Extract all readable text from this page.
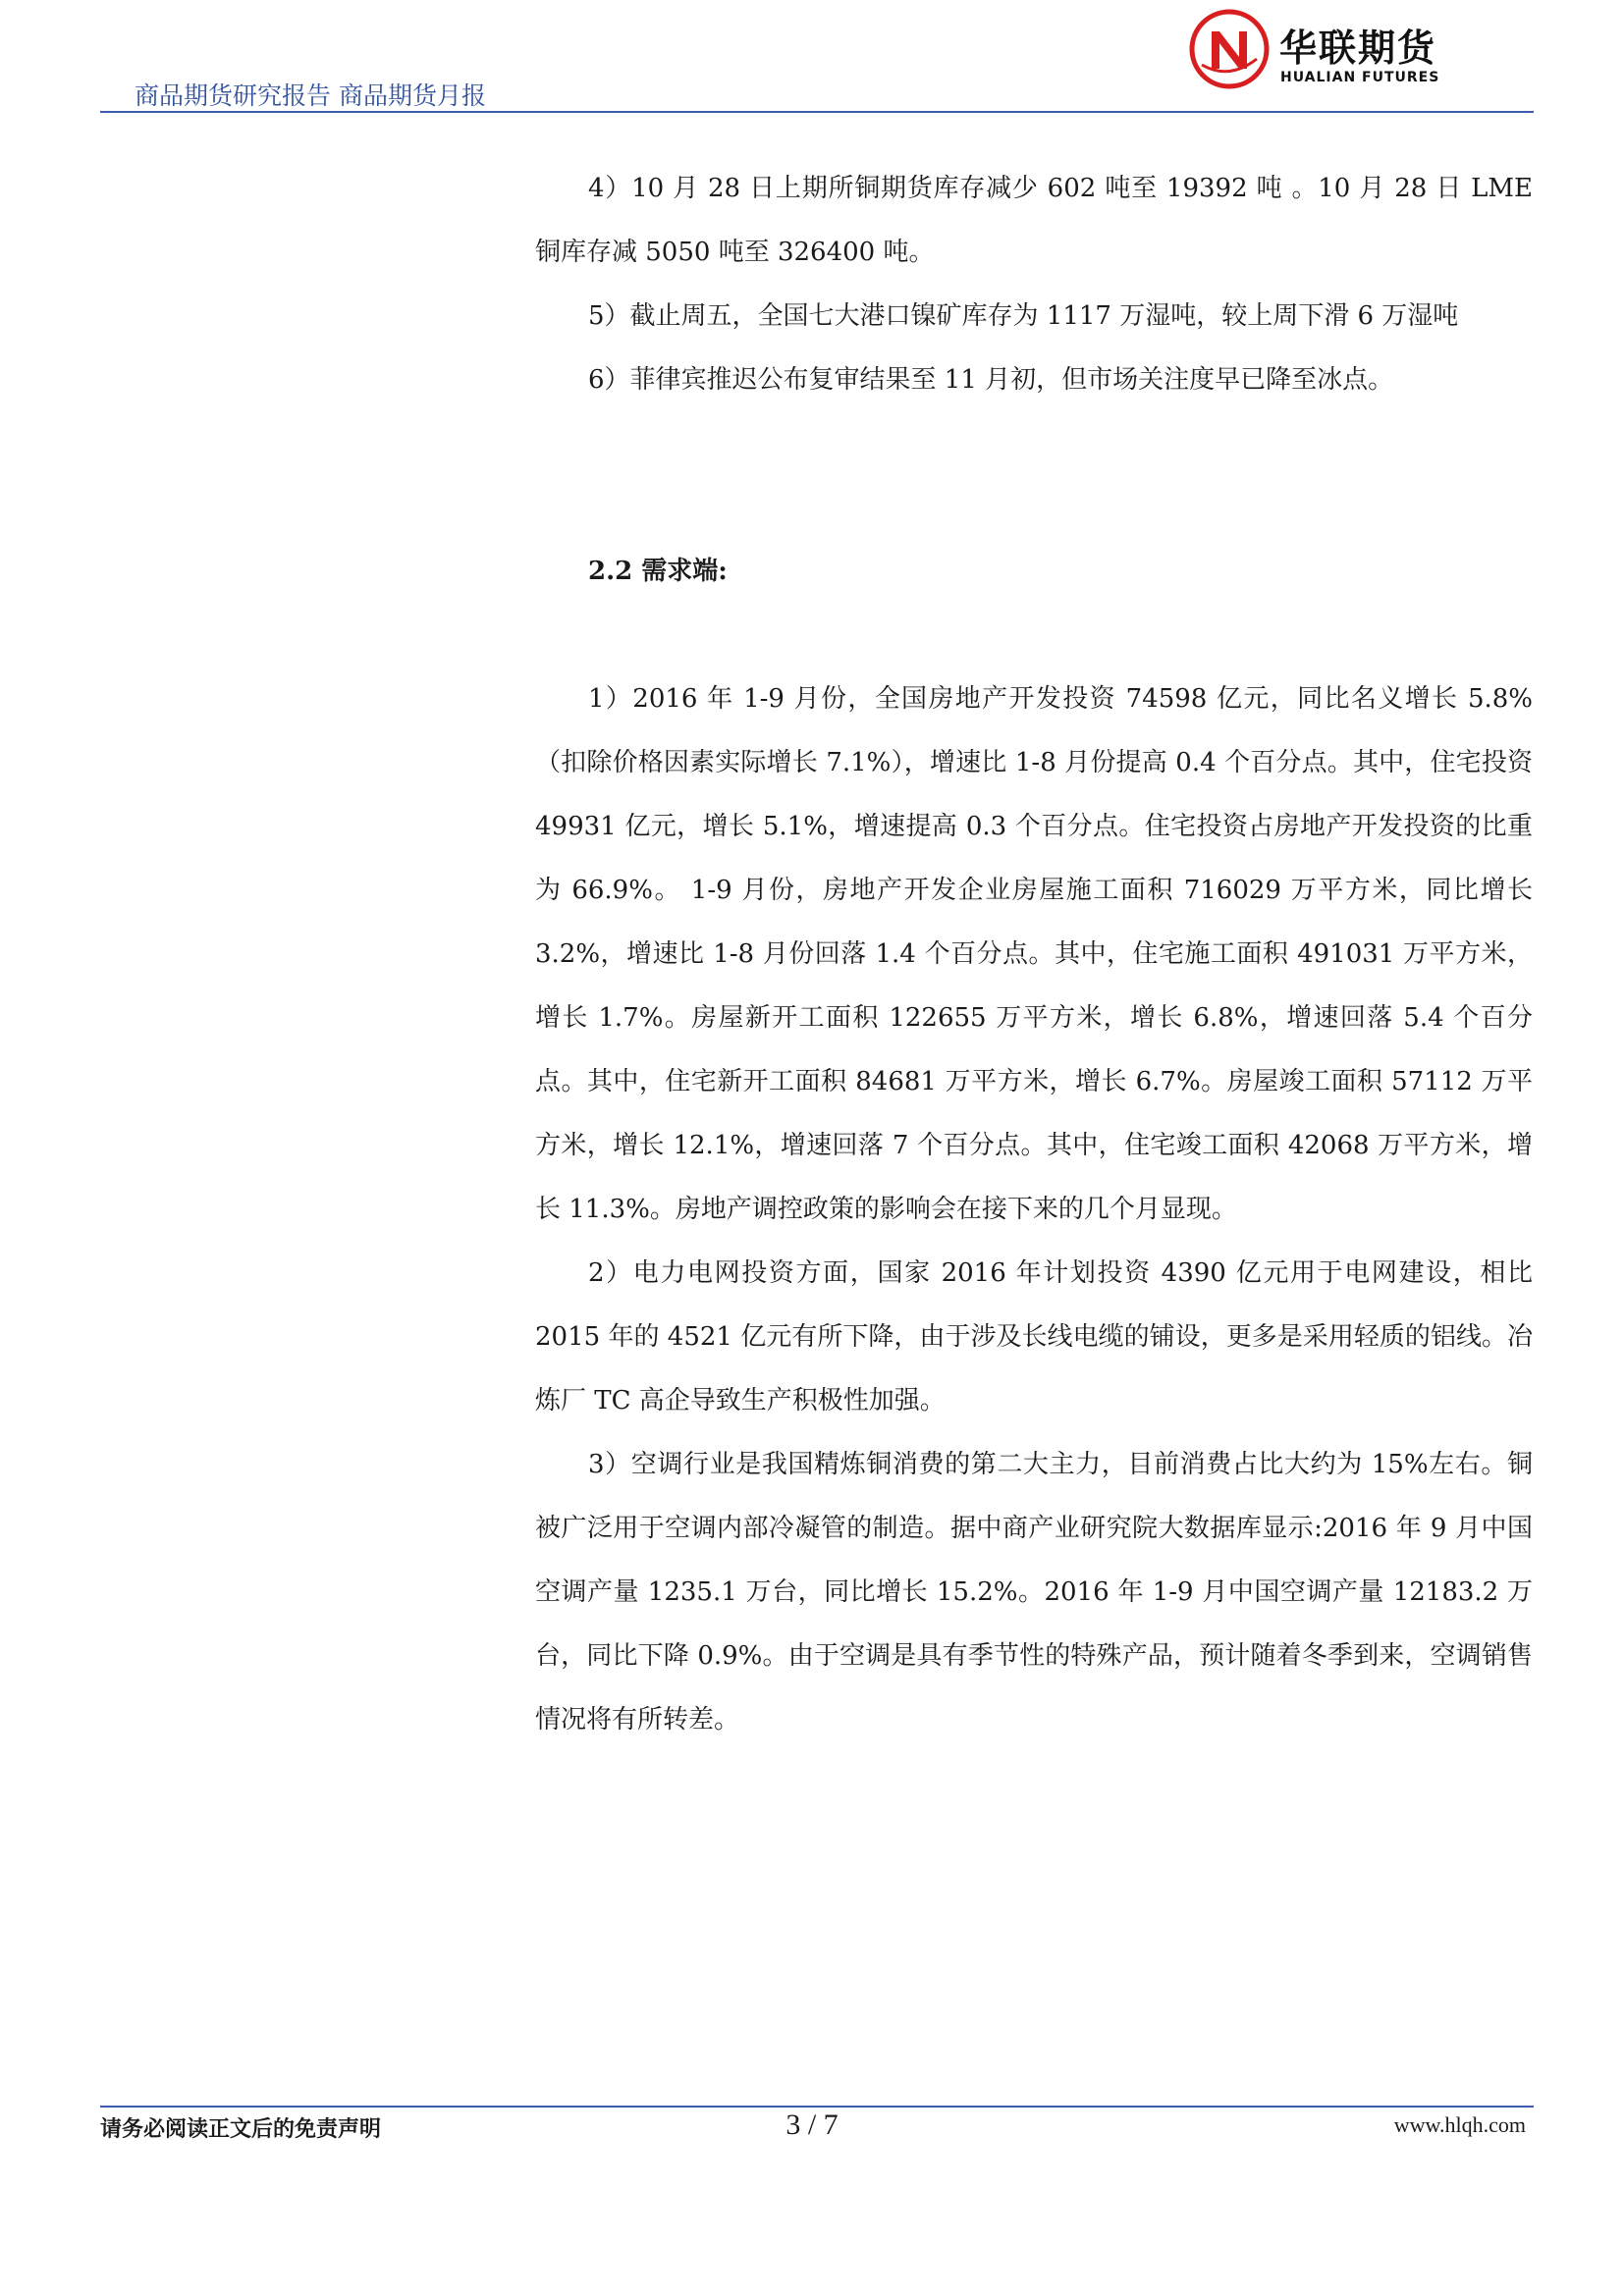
商品期货研究报告 商品期货月报
华联期货
HUALIAN FUTURES

4）10 月 28 日上期所铜期货库存减少 602 吨至 19392 吨 。10 月 28 日 LME 铜库存减 5050 吨至 326400 吨。

5）截止周五，全国七大港口镍矿库存为 1117 万湿吨，较上周下滑 6 万湿吨

6）菲律宾推迟公布复审结果至 11 月初，但市场关注度早已降至冰点。

2.2 需求端:

1）2016 年 1-9 月份，全国房地产开发投资 74598 亿元，同比名义增长 5.8%（扣除价格因素实际增长 7.1%），增速比 1-8 月份提高 0.4 个百分点。其中，住宅投资 49931 亿元，增长 5.1%，增速提高 0.3 个百分点。住宅投资占房地产开发投资的比重为 66.9%。 1-9 月份，房地产开发企业房屋施工面积 716029 万平方米，同比增长 3.2%，增速比 1-8 月份回落 1.4 个百分点。其中，住宅施工面积 491031 万平方米，增长 1.7%。房屋新开工面积 122655 万平方米，增长 6.8%，增速回落 5.4 个百分点。其中，住宅新开工面积 84681 万平方米，增长 6.7%。房屋竣工面积 57112 万平方米，增长 12.1%，增速回落 7 个百分点。其中，住宅竣工面积 42068 万平方米，增长 11.3%。房地产调控政策的影响会在接下来的几个月显现。

2）电力电网投资方面，国家 2016 年计划投资 4390 亿元用于电网建设，相比 2015 年的 4521 亿元有所下降，由于涉及长线电缆的铺设，更多是采用轻质的铝线。冶炼厂 TC 高企导致生产积极性加强。

3）空调行业是我国精炼铜消费的第二大主力，目前消费占比大约为 15%左右。铜被广泛用于空调内部冷凝管的制造。据中商产业研究院大数据库显示:2016 年 9 月中国空调产量 1235.1 万台，同比增长 15.2%。2016 年 1-9 月中国空调产量 12183.2 万台，同比下降 0.9%。由于空调是具有季节性的特殊产品，预计随着冬季到来，空调销售情况将有所转差。

请务必阅读正文后的免责声明	3 / 7	www.hlqh.com
